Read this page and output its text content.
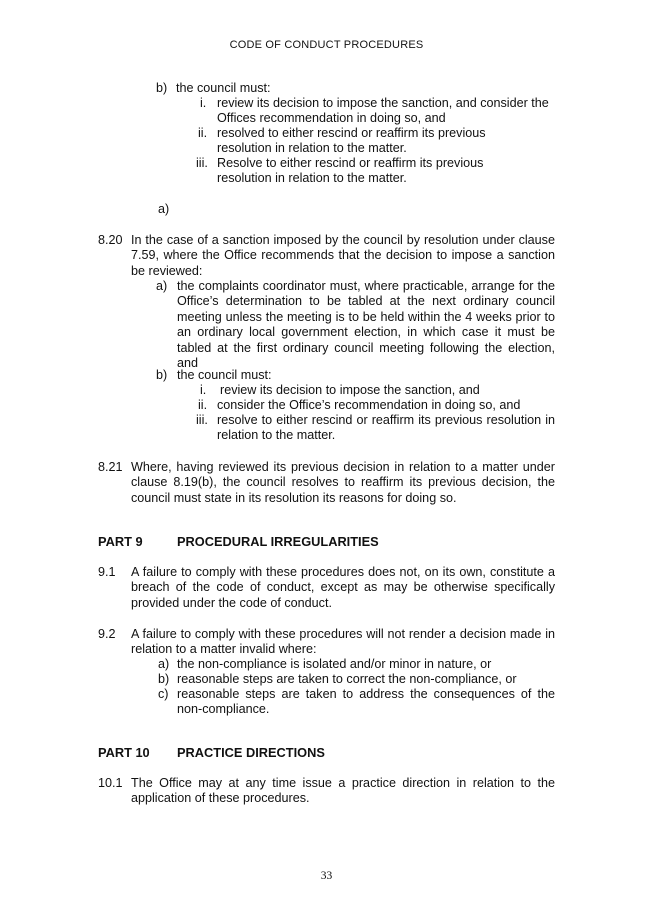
CODE OF CONDUCT PROCEDURES
b) the council must:
i. review its decision to impose the sanction, and consider the Offices recommendation in doing so, and
ii. resolved to either rescind or reaffirm its previous resolution in relation to the matter.
iii. Resolve to either rescind or reaffirm its previous resolution in relation to the matter.
a)
8.20 In the case of a sanction imposed by the council by resolution under clause 7.59, where the Office recommends that the decision to impose a sanction be reviewed:
a) the complaints coordinator must, where practicable, arrange for the Office’s determination to be tabled at the next ordinary council meeting unless the meeting is to be held within the 4 weeks prior to an ordinary local government election, in which case it must be tabled at the first ordinary council meeting following the election, and
b) the council must:
i. review its decision to impose the sanction, and
ii. consider the Office’s recommendation in doing so, and
iii. resolve to either rescind or reaffirm its previous resolution in relation to the matter.
8.21 Where, having reviewed its previous decision in relation to a matter under clause 8.19(b), the council resolves to reaffirm its previous decision, the council must state in its resolution its reasons for doing so.
PART 9	PROCEDURAL IRREGULARITIES
9.1 A failure to comply with these procedures does not, on its own, constitute a breach of the code of conduct, except as may be otherwise specifically provided under the code of conduct.
9.2 A failure to comply with these procedures will not render a decision made in relation to a matter invalid where:
a) the non-compliance is isolated and/or minor in nature, or
b) reasonable steps are taken to correct the non-compliance, or
c) reasonable steps are taken to address the consequences of the non-compliance.
PART 10 PRACTICE DIRECTIONS
10.1 The Office may at any time issue a practice direction in relation to the application of these procedures.
33
